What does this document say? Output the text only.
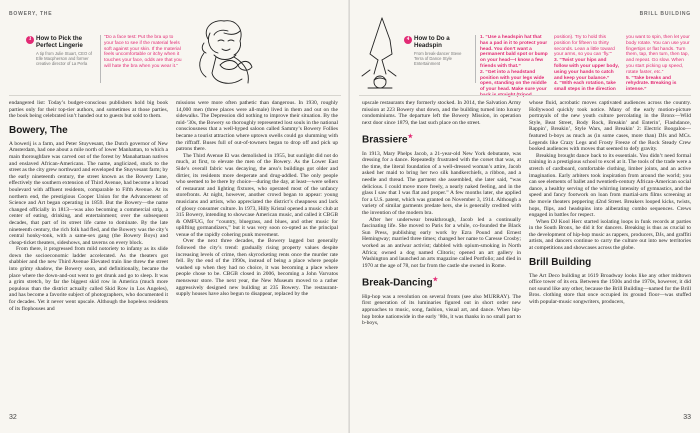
BOWERY, THE
3 How to Pick the Perfect Lingerie
A tip from Julie Stuart, CEO of Elle Macpherson and former creative director of La Perla
“Do a face test: Put the bra up to your face to see if the material feels soft against your skin. If the material feels uncomfortable or itchy when it touches your face, odds are that you will hate the bra when you wear it.”

endangered list: Today’s budget-conscious publishers hold big book parties only for their top-tier authors, and sometimes at those parties, the book being celebrated isn’t handed out to guests but sold to them.

Bowery, The

A bowerij is a farm, and Peter Stuyvesant, the Dutch governor of New Amsterdam, had one about a mile north of lower Manhattan, to which a main thoroughfare was carved out of the forest by Manahattaan natives and enslaved African-Americans. The name, anglicized, stuck to the street as the city grew northward and enveloped the Stuyvesant farm; by the early nineteenth century, the street known as the Bowery Lane, effectively the southern extension of Third Avenue, had become a broad boulevard with affluent residents, comparable to Fifth Avenue. At its northern end, the prestigious Cooper Union for the Advancement of Science and Art began operating in 1859. But the Bowery—the name changed officially in 1813—was also becoming a commercial strip, a center of eating, drinking, and entertainment; over the subsequent decades, that part of its street life came to dominate. By the late nineteenth century, the rich folk had fled, and the Bowery was the city’s central honky-tonk, with a same-sex gang (the Bowery Boys) and cheap-ticket theaters, sideshows, and taverns on every block.

From there, it progressed from mild notoriety to infamy as its slide down the socioeconomic ladder accelerated. As the theaters got shabbier and the new Third Avenue Elevated train line threw the street into grimy shadow, the Bowery soon, and definitionally, became the place where the down-and-out went to get drunk and go to sleep. It was a grim stretch, by far the biggest skid row in America (much more populous than the district actually called Skid Row in Los Angeles), and has become a favorite subject of photographers, who documented it for decades. Yet it never went upscale. Although the hopeless residents of its flophouses and

missions were more often pathetic than dangerous. In 1930, roughly 14,000 men (three places were all-male) lived in them and out on the sidewalks. The Depression did nothing to improve their situation. By the mid-’30s, the Bowery so thoroughly represented lost souls in the national consciousness that a well-hyped saloon called Sammy’s Bowery Follies became a tourist attraction where uptown swells could go slumming with the riffraff. Buses full of out-of-towners began to drop off and pick up patrons there.

The Third Avenue El was demolished in 1955, but sunlight did not do much, at first, to elevate the men of the Bowery. As the Lower East Side’s overall fabric was decaying, the area’s buildings got older and dirtier, its residents more desperate and drug-addled. The only people who seemed to be there by choice—during the day, at least—were sellers of restaurant and lighting fixtures, who operated most of the unfancy storefronts. At night, however, another crowd began to appear: young musicians and artists, who appreciated the district’s cheapness and lack of glossy consumer culture. In 1973, Hilly Kristal opened a music club at 315 Bowery, intending to showcase American music, and called it CBGB & OMFUG, for “country, bluegrass, and blues, and other music for uplifting gormandizers,” but it was very soon co-opted as the principal venue of the rapidly cohering punk movement.

Over the next three decades, the Bowery lagged but generally followed the city’s trend: gradually rising property values despite increasing levels of crime, then skyrocketing rents once the murder rate fell. By the end of the 1990s, instead of being a place where people washed up when they had no choice, it was becoming a place where people chose to be. CBGB closed in 2006, becoming a John Varvatos menswear store. The next year, the New Museum moved to a rather aggressively designed new building at 235 Bowery. The restaurant-supply houses have also begun to disappear, replaced by the

32
BRILL BUILDING
4 How to Do a Headspin
From break-dancer Steve Terra of Dance Style Entertainment
1. “Use a headspin hat that has a pad in it to protect your head. You don’t want a permanent bald spot or bump on your head—I know a few friends with that.”
2. “Get into a headstand position with your legs wide open, standing on the middle of your head. Make sure your
position). Try to hold this position for fifteen to thirty seconds. Lean a little toward your arms, so you can ‘fly.’”
3. “Twist your hips and follow with your upper body, using your hands to catch and keep your balance.”
4. “With each rotation, take small steps in the direction
you want to spin, then let your body rotate. You can use your fingertips or flat hands. Turn them, tap, then turn, then tap, and repeat. Go slow. When you start picking up speed, rotate faster, etc.”
5. “Take breaks and rehydrate. Breaking is intense.”

upscale restaurants they formerly stocked. In 2014, the Salvation Army mission at 223 Bowery shut down, and the building turned into luxury condominiums. The departure left the Bowery Mission, in operation next door since 1879, the last such place on the street.

Brassiere★

In 1913, Mary Phelps Jacob, a 21-year-old New York debutante, was dressing for a dance. Repeatedly frustrated with the corset that was, at the time, the literal foundation of a well-dressed woman’s attire, Jacob asked her maid to bring her two silk handkerchiefs, a ribbon, and a needle and thread. The garment she assembled, she later said, “was delicious. I could move more freely, a nearly naked feeling, and in the glass I saw that I was flat and proper.” A few months later, she applied for a U.S. patent, which was granted on November 3, 1914. Although a variety of similar garments predate hers, she is generally credited with the invention of the modern bra.

After her underwear breakthrough, Jacob led a continually fascinating life. She moved to Paris for a while, co-founded the Black Sun Press, publishing early work by Ezra Pound and Ernest Hemingway; married three times; changed her name to Caresse Crosby; worked as an antiwar activist; dabbled with opium-smoking in North Africa; owned a dog named Clitoris; opened an art gallery in Washington and launched an arts magazine called Portfolio; and died in 1970 at the age of 78, not far from the castle she owned in Rome.

Break-Dancing★

Hip-hop was a revolution on several fronts (see also MURRAY). The first generation of its luminaries figured out in short order new approaches to music, song, fashion, visual art, and dance. When hip-hop broke nationwide in the early ’80s, it was thanks in no small part to b-boys,

whose fluid, acrobatic moves captivated audiences across the country. Hollywood quickly took notice. Many of the early motion-picture portrayals of the new youth culture percolating in the Bronx—Wild Style, Beat Street, Body Rock, Breakin’ and Enterin’, Flashdance, Rappin’, Breakin’, Style Wars, and Breakin’ 2: Electric Boogaloo—featured b-boys as much as (in some cases, more than) DJs and MCs. Legends like Crazy Legs and Frosty Freeze of the Rock Steady Crew booked audiences with moves that seemed to defy gravity.

Breaking brought dance back to its essentials. You didn’t need formal training in a prestigious school to excel at it. The tools of the trade were a stretch of cardboard, comfortable clothing, limber joints, and an active imagination. Early arbiters took inspiration from around the world; you can see elements of ballet and twentieth-century African-American social dance, a healthy serving of the whirring intensity of gymnastics, and the speed and fancy footwork on loan from martial-arts films screening at the movie theaters peppering 42nd Street. Breakers looped kicks, twists, hops, flips, and headspins into aliberating combo sequences. Crews engaged in battles for respect.

When DJ Kool Herc started isolating loops in funk records at parties in the South Bronx, he did it for dancers. Breaking is thus as crucial to the development of hip-hop music as rappers, producers, DJs, and graffiti artists, and dancers continue to carry the culture out into new territories at competitions and showcases across the globe.

Brill Building

The Art Deco building at 1619 Broadway looks like any other midtown office tower of its era. Between the 1930s and the 1970s, however, it did not sound like any other, because the Brill Building—named for the Brill Bros. clothing store that once occupied its ground floor—was stuffed with popular-music songwriters, producers,

33
